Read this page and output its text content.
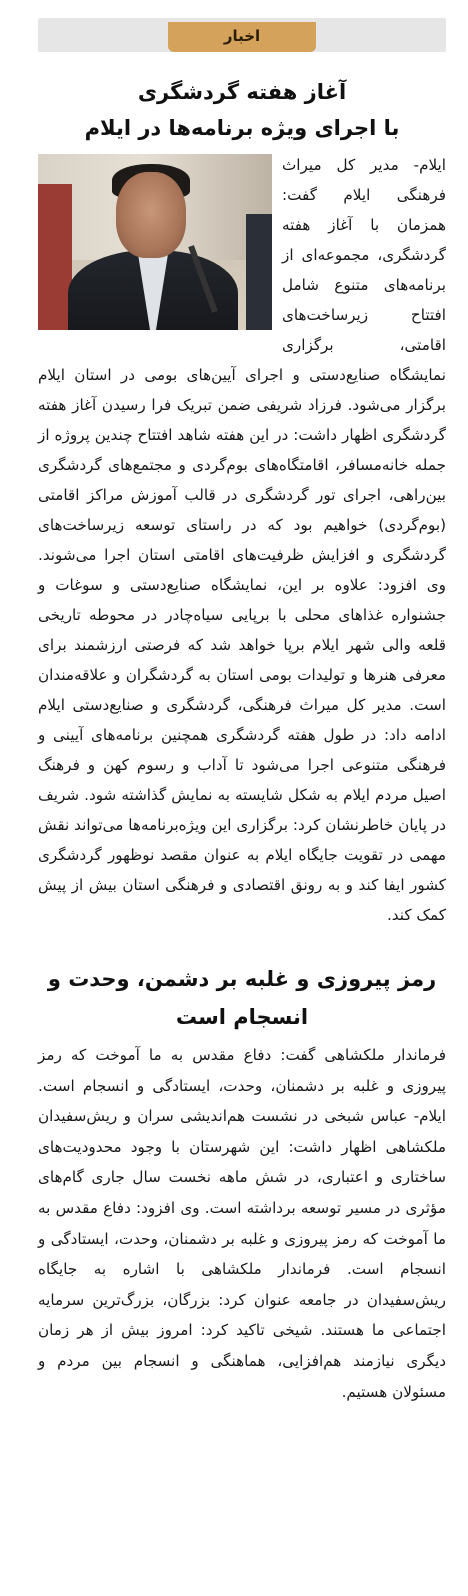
اخبار
آغاز هفته گردشگری
با اجرای ویژه برنامه‌ها در ایلام

ایلام- مدیر کل میراث فرهنگی ایلام گفت: همزمان با آغاز هفته گردشگری، مجموعه‌ای از برنامه‌های متنوع شامل افتتاح زیرساخت‌های اقامتی، برگزاری نمایشگاه صنایع‌دستی و اجرای آیین‌های بومی در استان ایلام برگزار می‌شود. فرزاد شریفی ضمن تبریک فرا رسیدن آغاز هفته گردشگری اظهار داشت: در این هفته شاهد افتتاح چندین پروژه از جمله خانه‌مسافر، اقامتگاه‌های بوم‌گردی و مجتمع‌های گردشگری بین‌راهی، اجرای تور گردشگری در قالب آموزش مراکز اقامتی (بوم‌گردی) خواهیم بود که در راستای توسعه زیرساخت‌های گردشگری و افزایش ظرفیت‌های اقامتی استان اجرا می‌شوند. وی افزود: علاوه بر این، نمایشگاه صنایع‌دستی و سوغات و جشنواره غذاهای محلی با برپایی سیاه‌چادر در محوطه تاریخی قلعه والی شهر ایلام برپا خواهد شد که فرصتی ارزشمند برای معرفی هنرها و تولیدات بومی استان به گردشگران و علاقه‌مندان است. مدیر کل میراث فرهنگی، گردشگری و صنایع‌دستی ایلام ادامه داد: در طول هفته گردشگری همچنین برنامه‌های آیینی و فرهنگی متنوعی اجرا می‌شود تا آداب و رسوم کهن و فرهنگ اصیل مردم ایلام به شکل شایسته به نمایش گذاشته شود. شریف در پایان خاطرنشان کرد: برگزاری این ویژه‌برنامه‌ها می‌تواند نقش مهمی در تقویت جایگاه ایلام به عنوان مقصد نوظهور گردشگری کشور ایفا کند و به رونق اقتصادی و فرهنگی استان بیش از پیش کمک کند.

رمز پیروزی و غلبه بر دشمن، وحدت و
انسجام است

فرماندار ملکشاهی گفت: دفاع مقدس به ما آموخت که رمز پیروزی و غلبه بر دشمنان، وحدت، ایستادگی و انسجام است. ایلام- عباس شبخی در نشست هم‌اندیشی سران و ریش‌سفیدان ملکشاهی اظهار داشت: این شهرستان با وجود محدودیت‌های ساختاری و اعتباری، در شش ماهه نخست سال جاری گام‌های مؤثری در مسیر توسعه برداشته است. وی افزود: دفاع مقدس به ما آموخت که رمز پیروزی و غلبه بر دشمنان، وحدت، ایستادگی و انسجام است. فرماندار ملکشاهی با اشاره به جایگاه ریش‌سفیدان در جامعه عنوان کرد: بزرگان، بزرگ‌ترین سرمایه اجتماعی ما هستند. شیخی تاکید کرد: امروز بیش از هر زمان دیگری نیازمند هم‌افزایی، هماهنگی و انسجام بین مردم و مسئولان هستیم.
